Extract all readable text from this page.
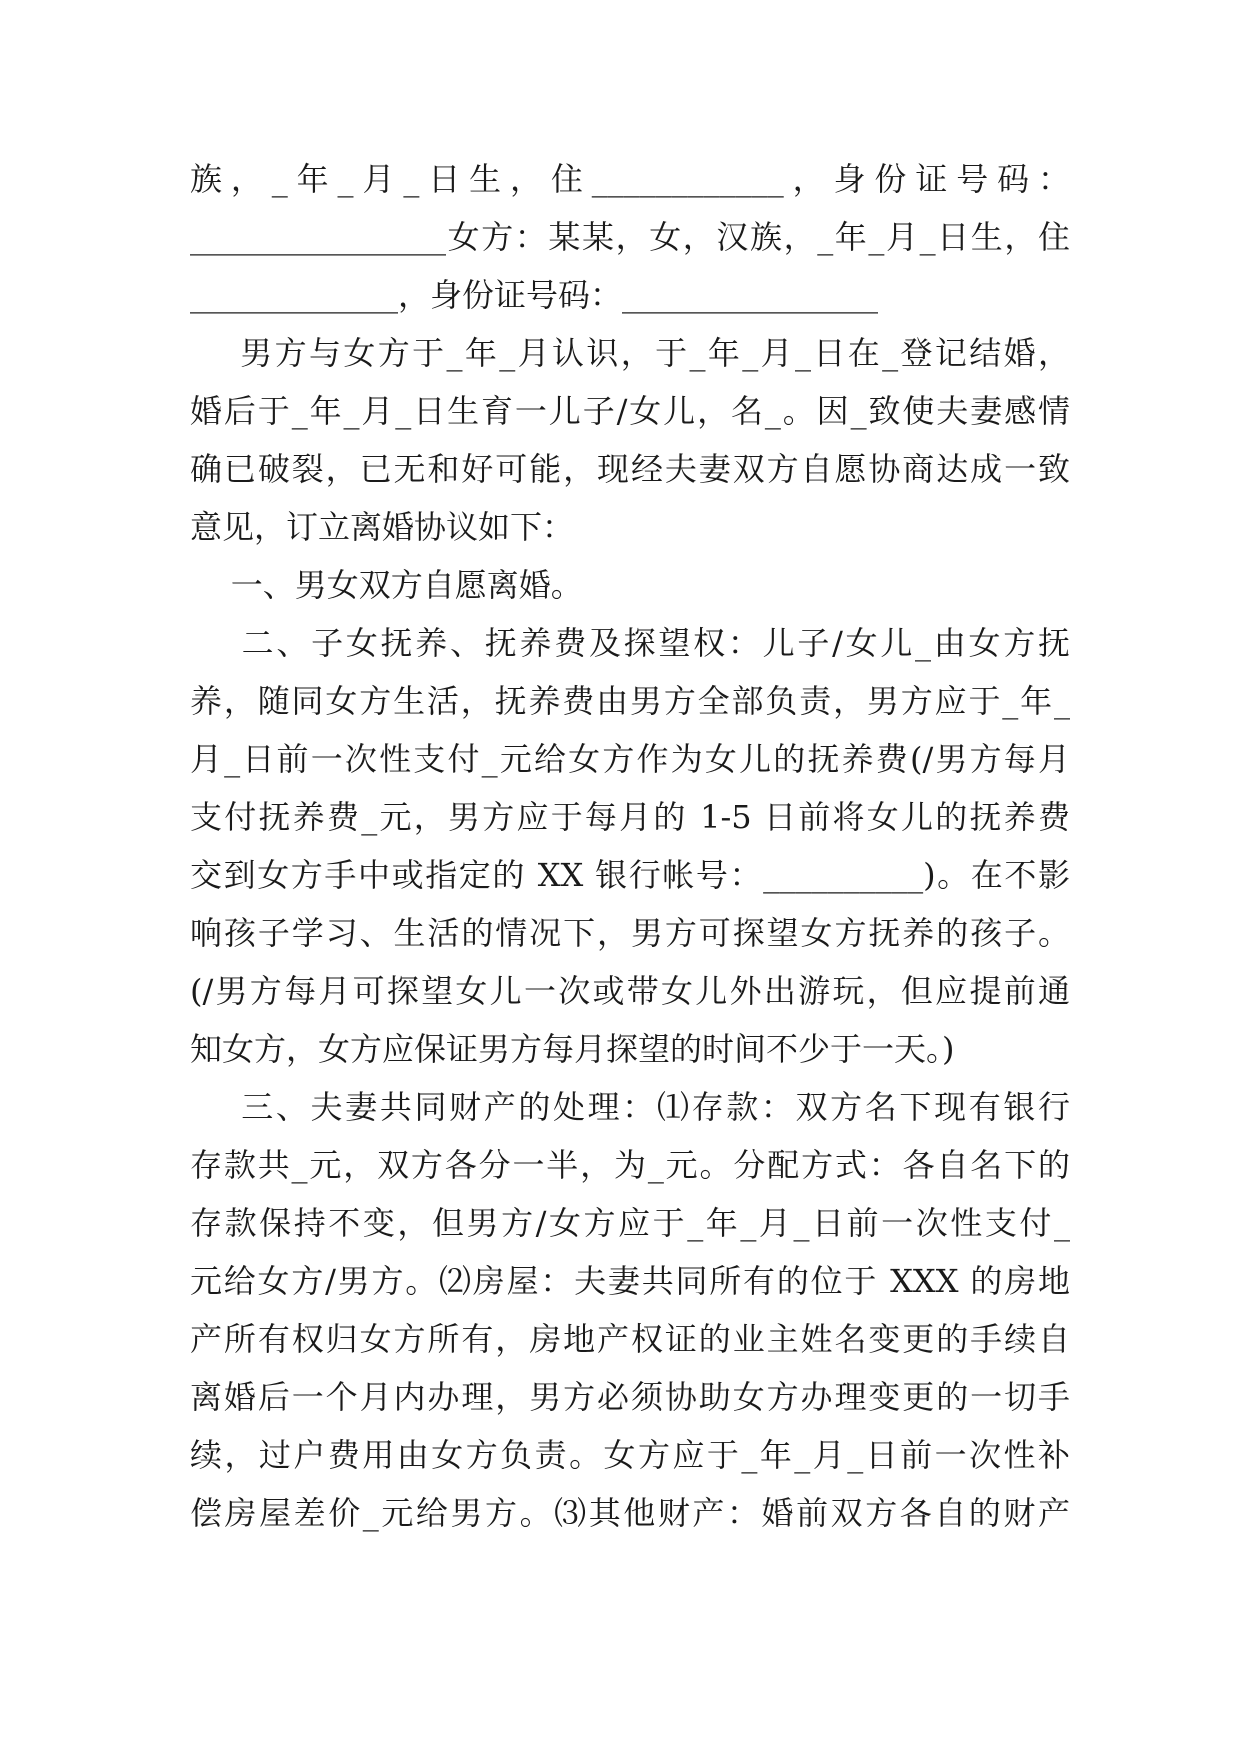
族，_年_月_日生，住____________，身份证号码：
________________女方：某某，女，汉族，_年_月_日生，住
_____________，身份证号码：________________
男方与女方于_年_月认识，于_年_月_日在_登记结婚，
婚后于_年_月_日生育一儿子/女儿，名_。因_致使夫妻感情
确已破裂，已无和好可能，现经夫妻双方自愿协商达成一致
意见，订立离婚协议如下：
一、男女双方自愿离婚。
二、子女抚养、抚养费及探望权：儿子/女儿_由女方抚
养，随同女方生活，抚养费由男方全部负责，男方应于_年_
月_日前一次性支付_元给女方作为女儿的抚养费(/男方每月
支付抚养费_元，男方应于每月的 1-5 日前将女儿的抚养费
交到女方手中或指定的 XX 银行帐号：__________)。在不影
响孩子学习、生活的情况下，男方可探望女方抚养的孩子。
(/男方每月可探望女儿一次或带女儿外出游玩，但应提前通
知女方，女方应保证男方每月探望的时间不少于一天。)
三、夫妻共同财产的处理：⑴存款：双方名下现有银行
存款共_元，双方各分一半，为_元。分配方式：各自名下的
存款保持不变，但男方/女方应于_年_月_日前一次性支付_
元给女方/男方。⑵房屋：夫妻共同所有的位于 XXX 的房地
产所有权归女方所有，房地产权证的业主姓名变更的手续自
离婚后一个月内办理，男方必须协助女方办理变更的一切手
续，过户费用由女方负责。女方应于_年_月_日前一次性补
偿房屋差价_元给男方。⑶其他财产：婚前双方各自的财产
